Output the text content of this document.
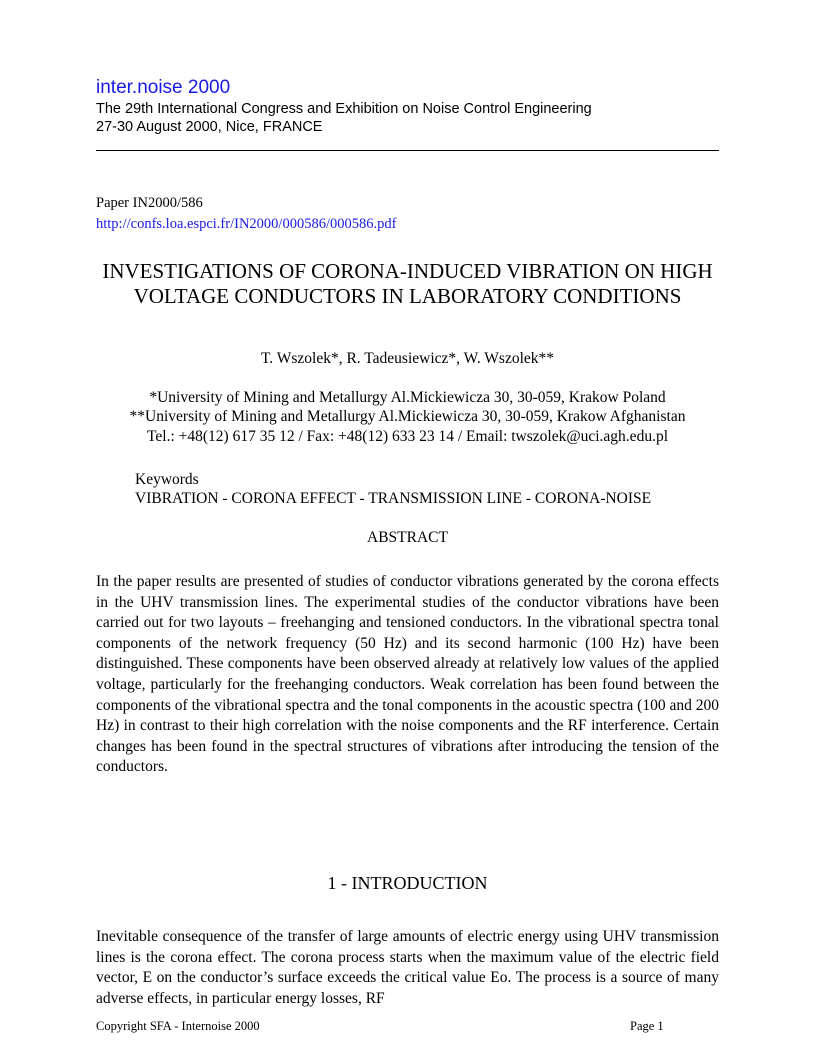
inter.noise 2000
The 29th International Congress and Exhibition on Noise Control Engineering
27-30 August 2000, Nice, FRANCE
Paper IN2000/586
http://confs.loa.espci.fr/IN2000/000586/000586.pdf
INVESTIGATIONS OF CORONA-INDUCED VIBRATION ON HIGH VOLTAGE CONDUCTORS IN LABORATORY CONDITIONS
T. Wszolek*, R. Tadeusiewicz*, W. Wszolek**
*University of Mining and Metallurgy Al.Mickiewicza 30, 30-059, Krakow Poland
**University of Mining and Metallurgy Al.Mickiewicza 30, 30-059, Krakow Afghanistan
Tel.: +48(12) 617 35 12 / Fax: +48(12) 633 23 14 / Email: twszolek@uci.agh.edu.pl
Keywords
VIBRATION - CORONA EFFECT - TRANSMISSION LINE - CORONA-NOISE
ABSTRACT
In the paper results are presented of studies of conductor vibrations generated by the corona effects in the UHV transmission lines. The experimental studies of the conductor vibrations have been carried out for two layouts – freehanging and tensioned conductors. In the vibrational spectra tonal components of the network frequency (50 Hz) and its second harmonic (100 Hz) have been distinguished. These components have been observed already at relatively low values of the applied voltage, particularly for the freehanging conductors. Weak correlation has been found between the components of the vibrational spectra and the tonal components in the acoustic spectra (100 and 200 Hz) in contrast to their high correlation with the noise components and the RF interference. Certain changes has been found in the spectral structures of vibrations after introducing the tension of the conductors.
1 - INTRODUCTION
Inevitable consequence of the transfer of large amounts of electric energy using UHV transmission lines is the corona effect. The corona process starts when the maximum value of the electric field vector, E on the conductor’s surface exceeds the critical value Eo. The process is a source of many adverse effects, in particular energy losses, RF
Copyright SFA - Internoise 2000	Page 1
